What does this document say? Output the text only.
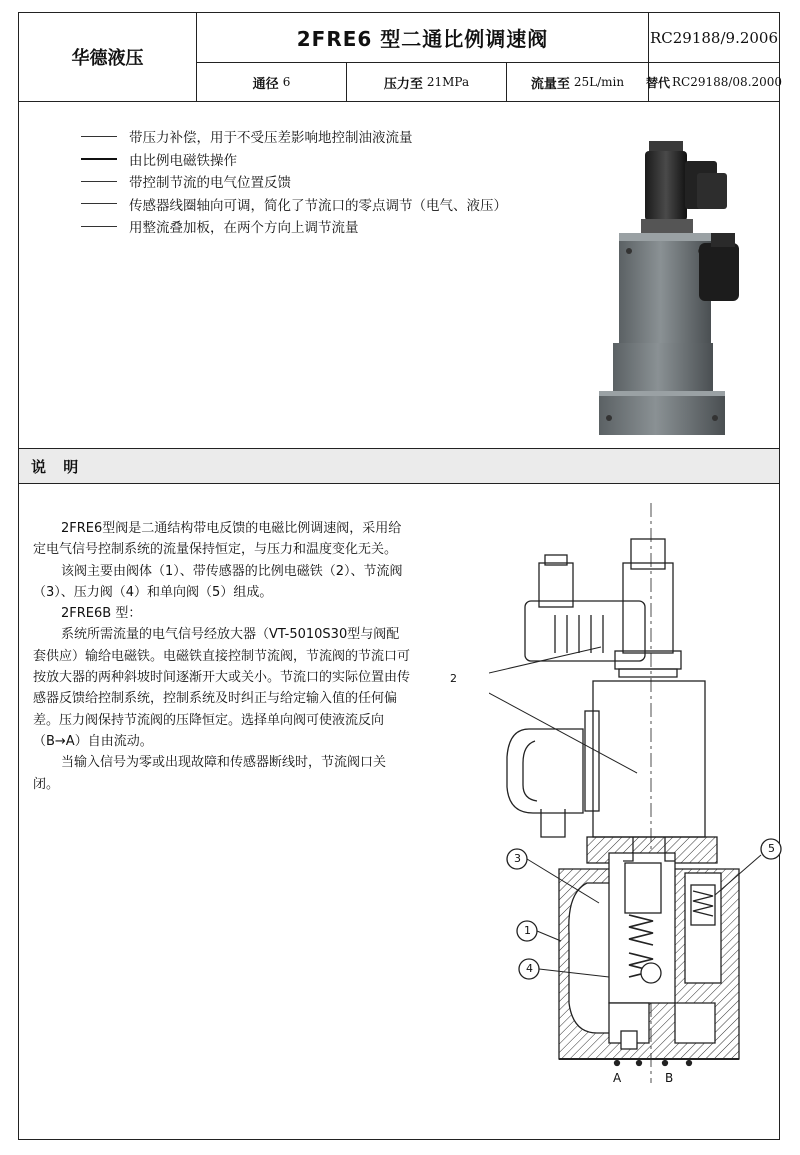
华德液压
2FRE6 型二通比例调速阀	RC29188/9.2006
通径 6	压力至 21MPa	流量至 25L/min 替代 RC29188/08.2000
带压力补偿，用于不受压差影响地控制油液流量
由比例电磁铁操作
带控制节流的电气位置反馈
传感器线圈轴向可调，简化了节流口的零点调节（电气、液压）
用整流叠加板，在两个方向上调节流量
说 明

2FRE6型阀是二通结构带电反馈的电磁比例调速阀，采用给定电气信号控制系统的流量保持恒定，与压力和温度变化无关。

该阀主要由阀体（1）、带传感器的比例电磁铁（2）、节流阀（3）、压力阀（4）和单向阀（5）组成。

2FRE6B 型：

系统所需流量的电气信号经放大器（VT-5010S30型与阀配套供应）输给电磁铁。电磁铁直接控制节流阀，节流阀的节流口可按放大器的两种斜坡时间逐渐开大或关小。节流口的实际位置由传感器反馈给控制系统，控制系统及时纠正与给定输入值的任何偏差。压力阀保持节流阀的压降恒定。选择单向阀可使液流反向（B→A）自由流动。

当输入信号为零或出现故障和传感器断线时，节流阀口关闭。

2
3
1
4
5
A	B
